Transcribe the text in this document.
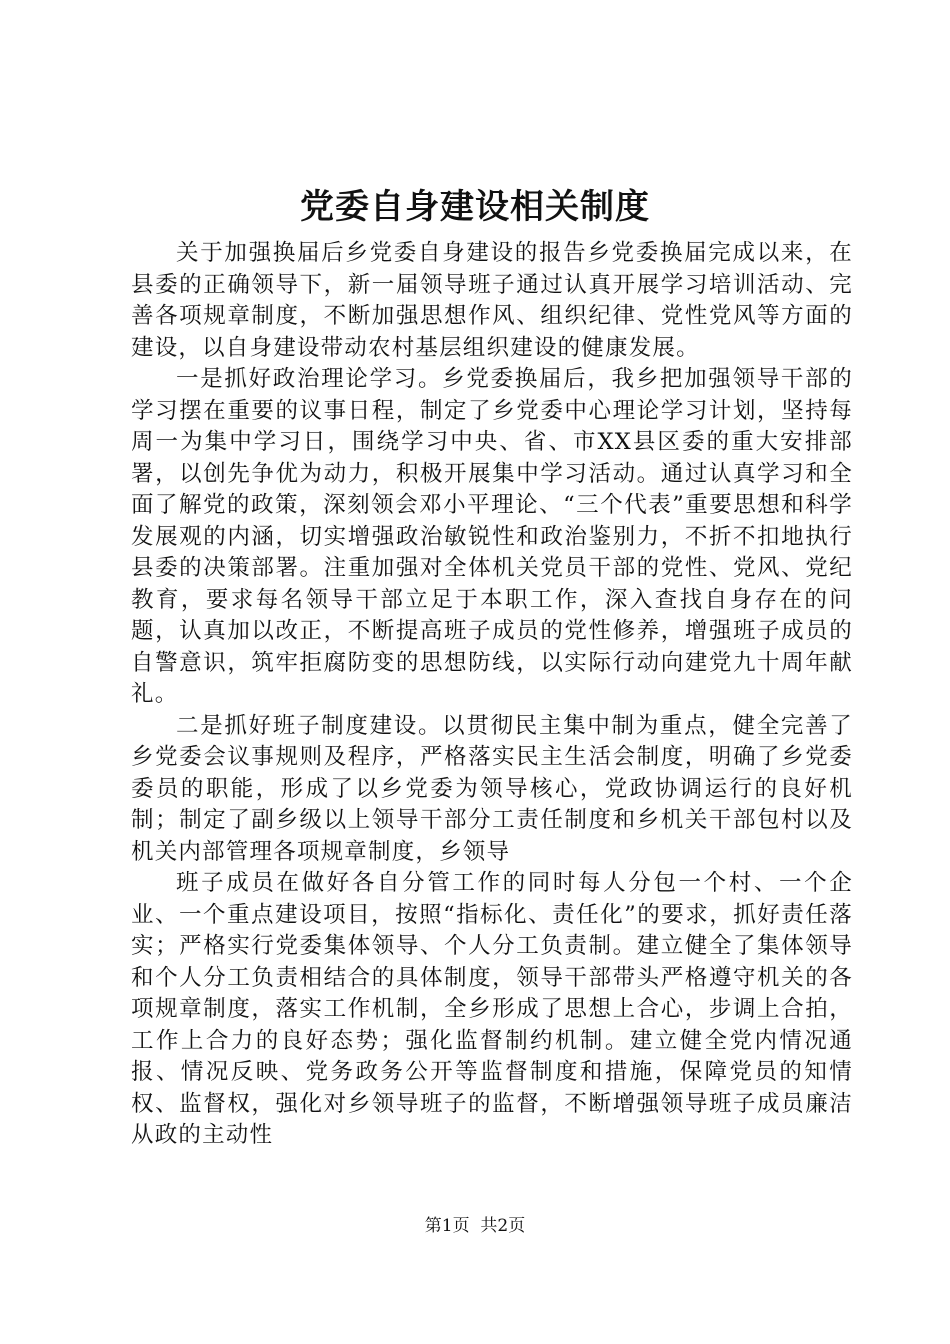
党委自身建设相关制度

关于加强换届后乡党委自身建设的报告乡党委换届完成以来，在县委的正确领导下，新一届领导班子通过认真开展学习培训活动、完善各项规章制度，不断加强思想作风、组织纪律、党性党风等方面的建设，以自身建设带动农村基层组织建设的健康发展。

一是抓好政治理论学习。乡党委换届后，我乡把加强领导干部的学习摆在重要的议事日程，制定了乡党委中心理论学习计划，坚持每周一为集中学习日，围绕学习中央、省、市XX县区委的重大安排部署，以创先争优为动力，积极开展集中学习活动。通过认真学习和全面了解党的政策，深刻领会邓小平理论、“三个代表”重要思想和科学发展观的内涵，切实增强政治敏锐性和政治鉴别力，不折不扣地执行县委的决策部署。注重加强对全体机关党员干部的党性、党风、党纪教育，要求每名领导干部立足于本职工作，深入查找自身存在的问题，认真加以改正，不断提高班子成员的党性修养，增强班子成员的自警意识，筑牢拒腐防变的思想防线，以实际行动向建党九十周年献礼。

二是抓好班子制度建设。以贯彻民主集中制为重点，健全完善了乡党委会议事规则及程序，严格落实民主生活会制度，明确了乡党委委员的职能，形成了以乡党委为领导核心，党政协调运行的良好机制；制定了副乡级以上领导干部分工责任制度和乡机关干部包村以及机关内部管理各项规章制度，乡领导

班子成员在做好各自分管工作的同时每人分包一个村、一个企业、一个重点建设项目，按照“指标化、责任化”的要求，抓好责任落实；严格实行党委集体领导、个人分工负责制。建立健全了集体领导和个人分工负责相结合的具体制度，领导干部带头严格遵守机关的各项规章制度，落实工作机制，全乡形成了思想上合心，步调上合拍，工作上合力的良好态势；强化监督制约机制。建立健全党内情况通报、情况反映、党务政务公开等监督制度和措施，保障党员的知情权、监督权，强化对乡领导班子的监督，不断增强领导班子成员廉洁从政的主动性

第1页 共2页
